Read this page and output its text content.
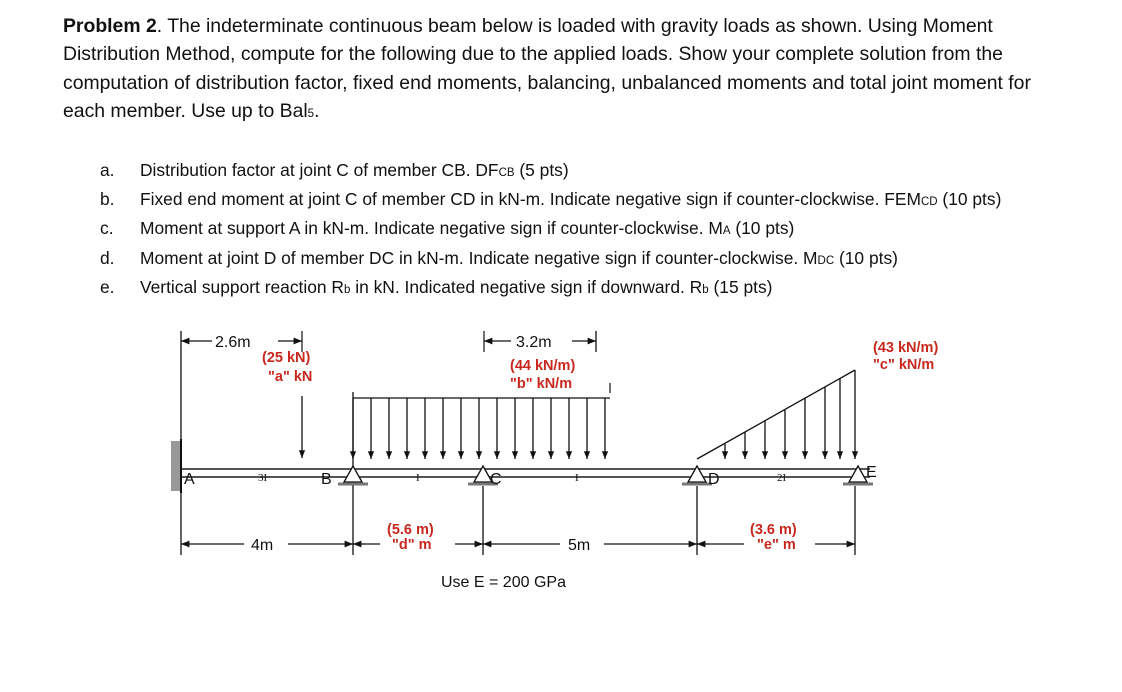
Problem 2. The indeterminate continuous beam below is loaded with gravity loads as shown. Using Moment Distribution Method, compute for the following due to the applied loads. Show your complete solution from the computation of distribution factor, fixed end moments, balancing, unbalanced moments and total joint moment for each member. Use up to Bal5.
a.	Distribution factor at joint C of member CB. DFCB (5 pts)
b.	Fixed end moment at joint C of member CD in kN-m. Indicate negative sign if counter-clockwise. FEMCD (10 pts)
c.	Moment at support A in kN-m. Indicate negative sign if counter-clockwise. MA (10 pts)
d.	Moment at joint D of member DC in kN-m. Indicate negative sign if counter-clockwise. MDC (10 pts)
e.	Vertical support reaction Rb in kN. Indicated negative sign if downward. Rb (15 pts)
2.6m	3.2m
(25 kN)
"a" kN
(44 kN/m)
"b" kN/m
(43 kN/m)
"c" kN/m
A	B	C	D	E
3I	I	I	2I
4m
(5.6 m)
"d" m	5m
(3.6 m)
"e" m
Use E = 200 GPa
